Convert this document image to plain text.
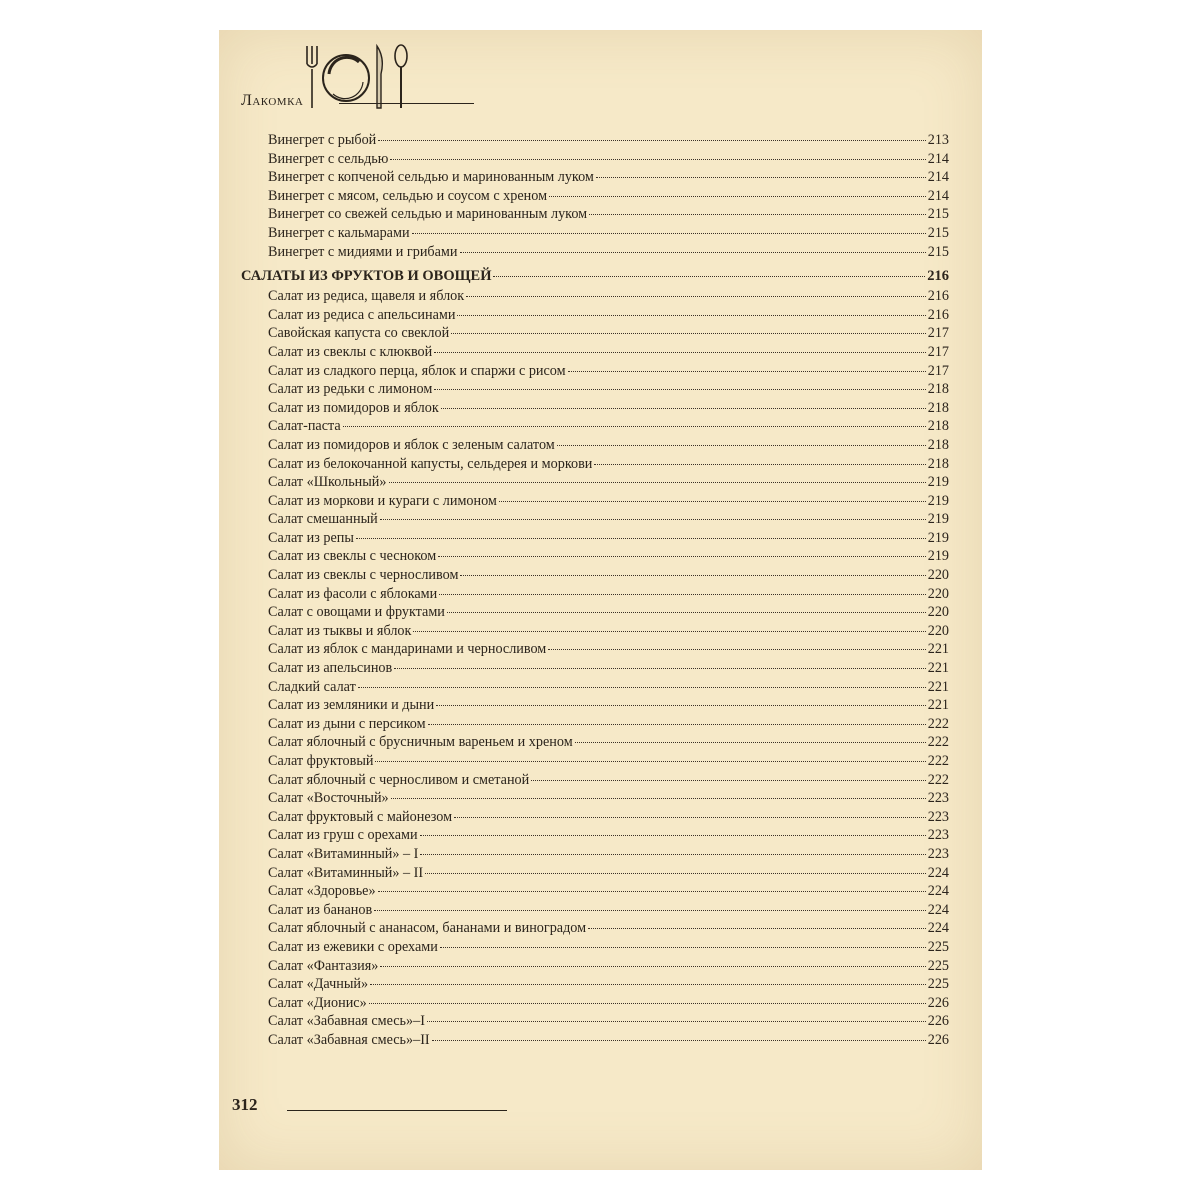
Лакомка
Винегрет с рыбой	213
Винегрет с сельдью	214
Винегрет с копченой сельдью и маринованным луком	214
Винегрет с мясом, сельдью и соусом с хреном	214
Винегрет со свежей сельдью и маринованным луком	215
Винегрет с кальмарами	215
Винегрет с мидиями и грибами	215
САЛАТЫ ИЗ ФРУКТОВ И ОВОЩЕЙ	216
Салат из редиса, щавеля и яблок	216
Салат из редиса с апельсинами	216
Савойская капуста со свеклой	217
Салат из свеклы с клюквой	217
Салат из сладкого перца, яблок и спаржи с рисом	217
Салат из редьки с лимоном	218
Салат из помидоров и яблок	218
Салат-паста	218
Салат из помидоров и яблок с зеленым салатом	218
Салат из белокочанной капусты, сельдерея и моркови	218
Салат «Школьный»	219
Салат из моркови и кураги с лимоном	219
Салат смешанный	219
Салат из репы	219
Салат из свеклы с чесноком	219
Салат из свеклы с черносливом	220
Салат из фасоли с яблоками	220
Салат с овощами и фруктами	220
Салат из тыквы и яблок	220
Салат из яблок с мандаринами и черносливом	221
Салат из апельсинов	221
Сладкий салат	221
Салат из земляники и дыни	221
Салат из дыни с персиком	222
Салат яблочный с брусничным вареньем и хреном	222
Салат фруктовый	222
Салат яблочный с черносливом и сметаной	222
Салат «Восточный»	223
Салат фруктовый с майонезом	223
Салат из груш с орехами	223
Салат «Витаминный» – I	223
Салат «Витаминный» – II	224
Салат «Здоровье»	224
Салат из бананов	224
Салат яблочный с ананасом, бананами и виноградом	224
Салат из ежевики с орехами	225
Салат «Фантазия»	225
Салат «Дачный»	225
Салат «Дионис»	226
Салат «Забавная смесь»–I	226
Салат «Забавная смесь»–II	226
312
